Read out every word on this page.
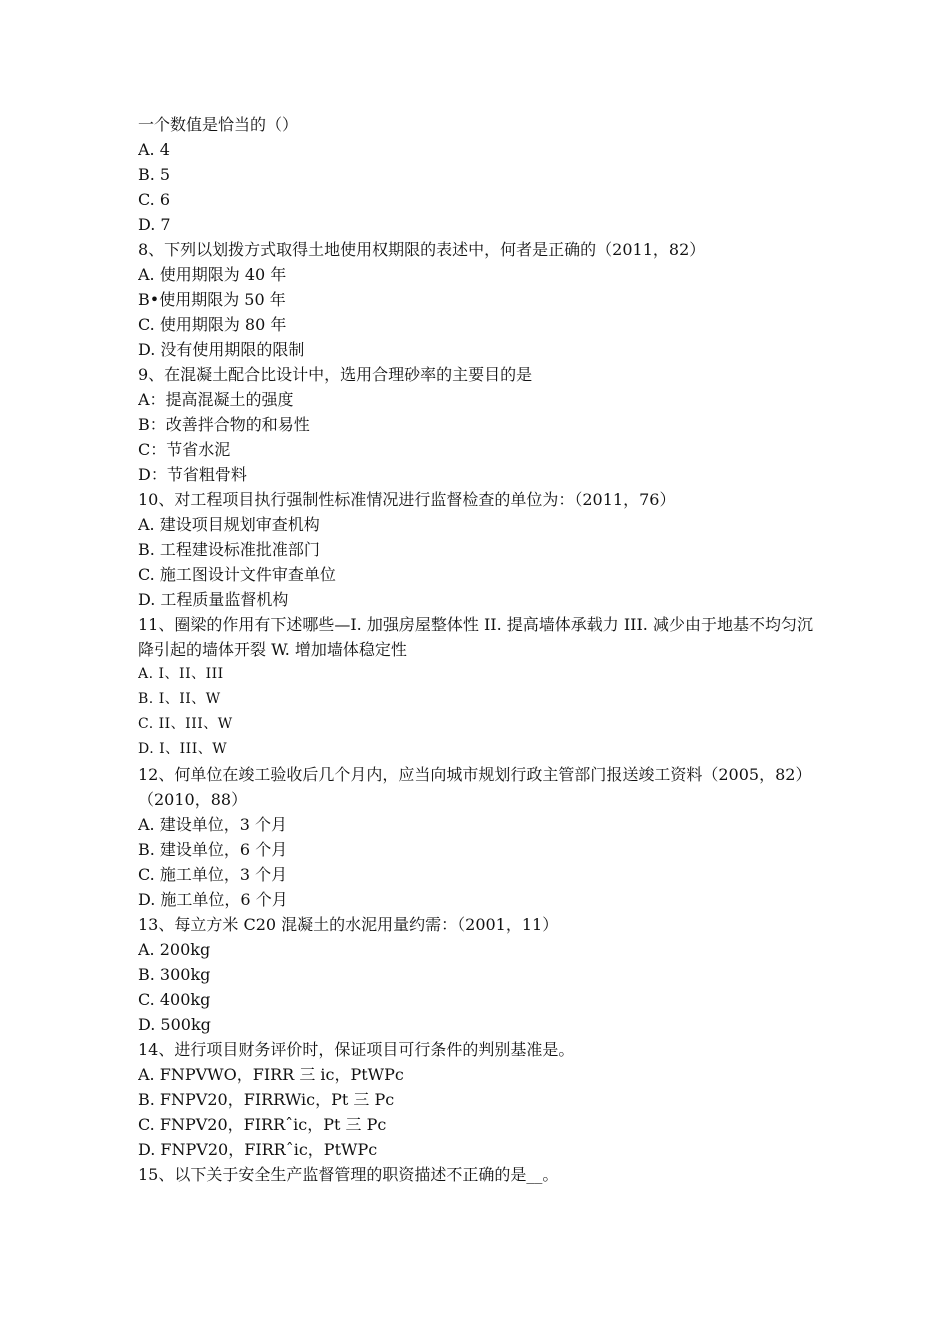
一个数值是恰当的（）
A. 4
B. 5
C. 6
D. 7
8、下列以划拨方式取得土地使用权期限的表述中，何者是正确的（2011，82）
A. 使用期限为 40 年
B•使用期限为 50 年
C. 使用期限为 80 年
D. 没有使用期限的限制
9、在混凝土配合比设计中，选用合理砂率的主要目的是
A：提高混凝土的强度
B：改善拌合物的和易性
C：节省水泥
D：节省粗骨料
10、对工程项目执行强制性标准情况进行监督检查的单位为：（2011，76）
A. 建设项目规划审查机构
B. 工程建设标准批准部门
C. 施工图设计文件审查单位
D. 工程质量监督机构
11、圈梁的作用有下述哪些—I. 加强房屋整体性 II. 提高墙体承载力 III. 减少由于地基不均匀沉降引起的墙体开裂 W. 增加墙体稳定性
A. I、II、III
B. I、II、W
C. II、III、W
D. I、III、W
12、何单位在竣工验收后几个月内，应当向城市规划行政主管部门报送竣工资料（2005，82）（2010，88）
A. 建设单位，3 个月
B. 建设单位，6 个月
C. 施工单位，3 个月
D. 施工单位，6 个月
13、每立方米 C20 混凝土的水泥用量约需：（2001，11）
A. 200kg
B. 300kg
C. 400kg
D. 500kg
14、进行项目财务评价时，保证项目可行条件的判别基准是。
A. FNPVWO，FIRR 三 ic，PtWPc
B. FNPV20，FIRRWic，Pt 三 Pc
C. FNPV20，FIRRˆic，Pt 三 Pc
D. FNPV20，FIRRˆic，PtWPc
15、以下关于安全生产监督管理的职资描述不正确的是__。
